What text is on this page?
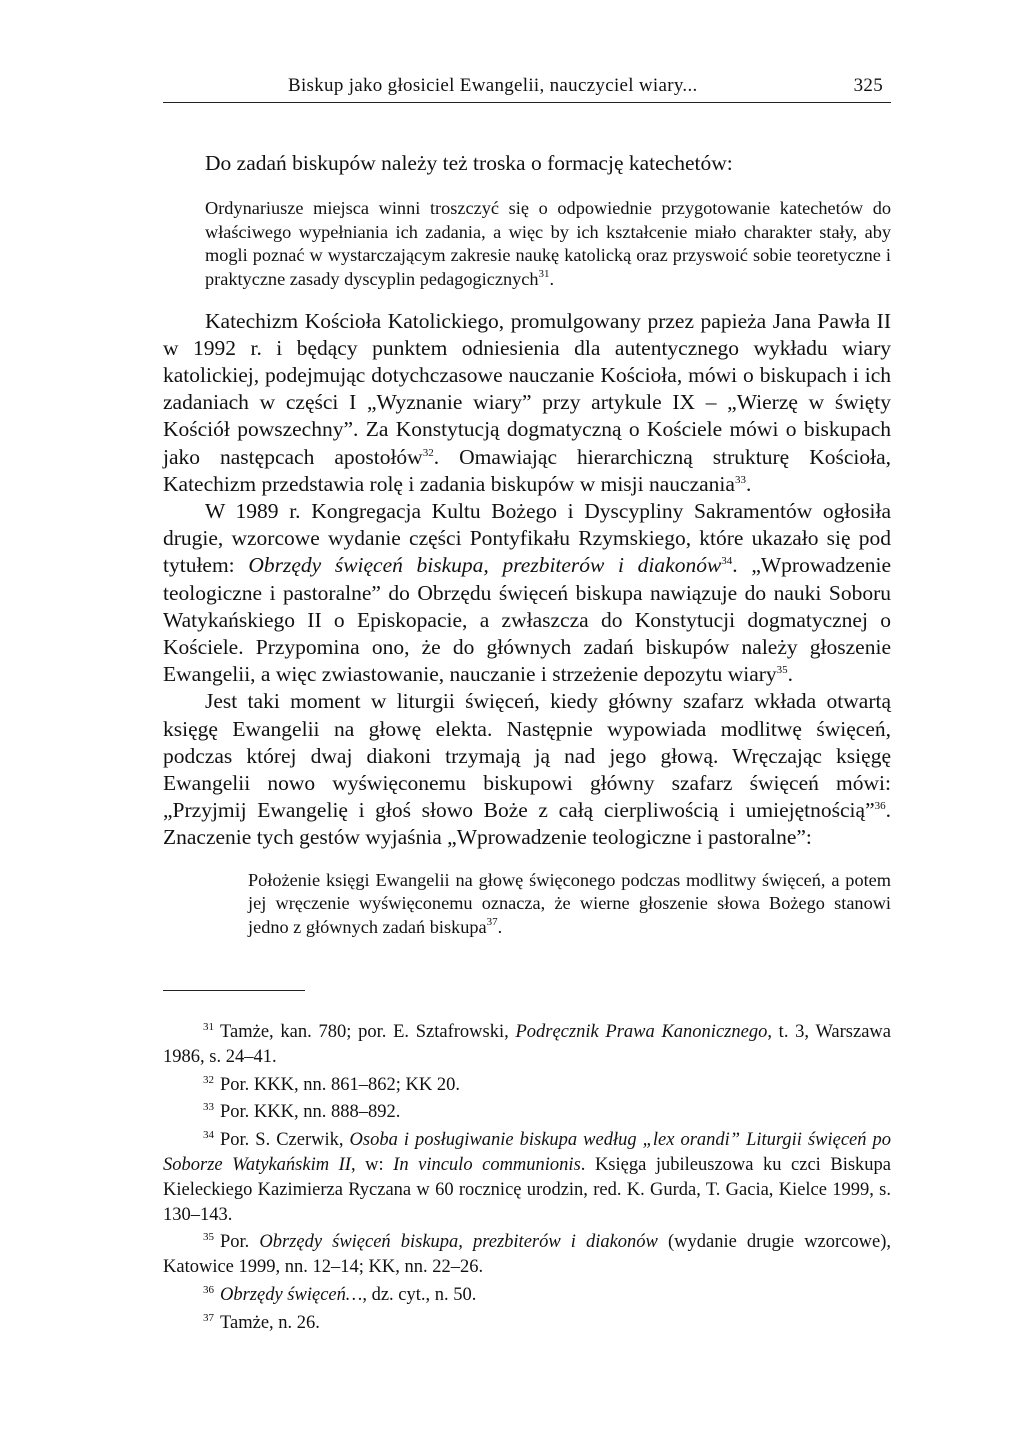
Biskup jako głosiciel Ewangelii, nauczyciel wiary...	325

Do zadań biskupów należy też troska o formację katechetów:

Ordynariusze miejsca winni troszczyć się o odpowiednie przygotowanie katechetów do właściwego wypełniania ich zadania, a więc by ich kształcenie miało charakter stały, aby mogli poznać w wystarczającym zakresie naukę katolicką oraz przyswoić sobie teoretyczne i praktyczne zasady dyscyplin pedagogicznych$^{31}$.

Katechizm Kościoła Katolickiego, promulgowany przez papieża Jana Pawła II w 1992 r. i będący punktem odniesienia dla autentycznego wykładu wiary katolickiej, podejmując dotychczasowe nauczanie Kościoła, mówi o biskupach i ich zadaniach w części I „Wyznanie wiary” przy artykule IX – „Wierzę w święty Kościół powszechny”. Za Konstytucją dogmatyczną o Kościele mówi o biskupach jako następcach apostołów$^{32}$. Omawiając hierarchiczną strukturę Kościoła, Katechizm przedstawia rolę i zadania biskupów w misji nauczania$^{33}$.

W 1989 r. Kongregacja Kultu Bożego i Dyscypliny Sakramentów ogłosiła drugie, wzorcowe wydanie części Pontyfikału Rzymskiego, które ukazało się pod tytułem: Obrzędy święceń biskupa, prezbiterów i diakonów$^{34}$. „Wprowadzenie teologiczne i pastoralne” do Obrzędu święceń biskupa nawiązuje do nauki Soboru Watykańskiego II o Episkopacie, a zwłaszcza do Konstytucji dogmatycznej o Kościele. Przypomina ono, że do głównych zadań biskupów należy głoszenie Ewangelii, a więc zwiastowanie, nauczanie i strzeżenie depozytu wiary$^{35}$.

Jest taki moment w liturgii święceń, kiedy główny szafarz wkłada otwartą księgę Ewangelii na głowę elekta. Następnie wypowiada modlitwę święceń, podczas której dwaj diakoni trzymają ją nad jego głową. Wręczając księgę Ewangelii nowo wyświęconemu biskupowi główny szafarz święceń mówi: „Przyjmij Ewangelię i głoś słowo Boże z całą cierpliwością i umiejętnością”$^{36}$. Znaczenie tych gestów wyjaśnia „Wprowadzenie teologiczne i pastoralne”:

Położenie księgi Ewangelii na głowę święconego podczas modlitwy święceń, a potem jej wręczenie wyświęconemu oznacza, że wierne głoszenie słowa Bożego stanowi jedno z głównych zadań biskupa$^{37}$.

$^{31}$ Tamże, kan. 780; por. E. Sztafrowski, Podręcznik Prawa Kanonicznego, t. 3, Warszawa 1986, s. 24–41.

$^{32}$ Por. KKK, nn. 861–862; KK 20.

$^{33}$ Por. KKK, nn. 888–892.

$^{34}$ Por. S. Czerwik, Osoba i posługiwanie biskupa według „lex orandi” Liturgii święceń po Soborze Watykańskim II, w: In vinculo communionis. Księga jubileuszowa ku czci Biskupa Kieleckiego Kazimierza Ryczana w 60 rocznicę urodzin, red. K. Gurda, T. Gacia, Kielce 1999, s. 130–143.

$^{35}$ Por. Obrzędy święceń biskupa, prezbiterów i diakonów (wydanie drugie wzorcowe), Katowice 1999, nn. 12–14; KK, nn. 22–26.

$^{36}$ Obrzędy święceń…, dz. cyt., n. 50.

$^{37}$ Tamże, n. 26.
